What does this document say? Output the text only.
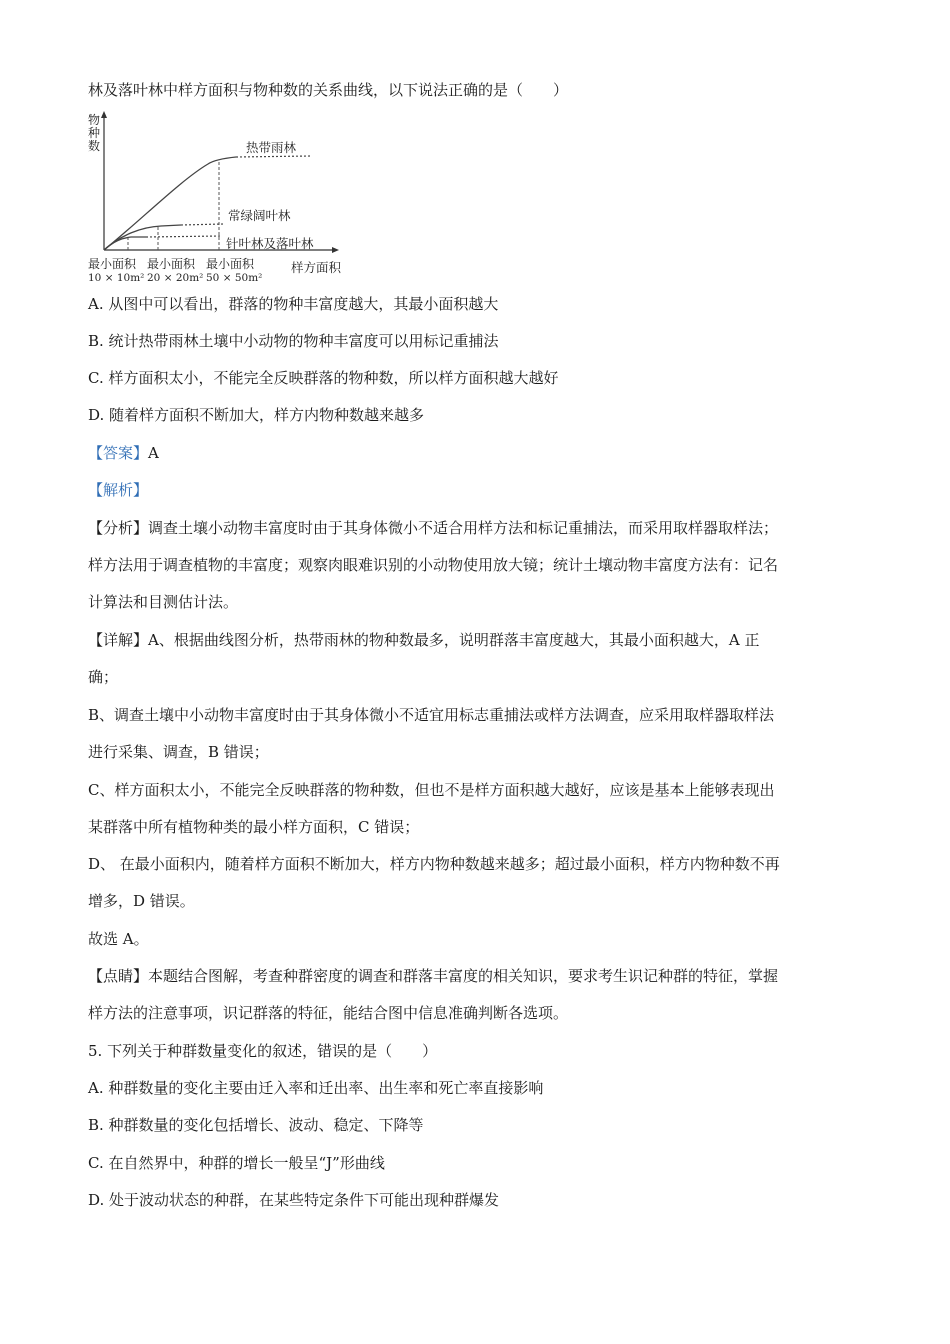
林及落叶林中样方面积与物种数的关系曲线，以下说法正确的是（　　）
物
种
数	热带雨林
常绿阔叶林
针叶林及落叶林
最小面积
10 × 10m²
最小面积
20 × 20m²
最小面积
50 × 50m²
样方面积
A. 从图中可以看出，群落的物种丰富度越大，其最小面积越大
B. 统计热带雨林土壤中小动物的物种丰富度可以用标记重捕法
C. 样方面积太小，不能完全反映群落的物种数，所以样方面积越大越好
D. 随着样方面积不断加大，样方内物种数越来越多
【答案】A
【解析】
【分析】调查土壤小动物丰富度时由于其身体微小不适合用样方法和标记重捕法，而采用取样器取样法；
样方法用于调查植物的丰富度；观察肉眼难识别的小动物使用放大镜；统计土壤动物丰富度方法有：记名
计算法和目测估计法。
【详解】A、根据曲线图分析，热带雨林的物种数最多，说明群落丰富度越大，其最小面积越大，A 正
确；
B、调查土壤中小动物丰富度时由于其身体微小不适宜用标志重捕法或样方法调查，应采用取样器取样法
进行采集、调查，B 错误；
C、样方面积太小，不能完全反映群落的物种数，但也不是样方面积越大越好，应该是基本上能够表现出
某群落中所有植物种类的最小样方面积，C 错误；
D、 在最小面积内，随着样方面积不断加大，样方内物种数越来越多；超过最小面积，样方内物种数不再
增多，D 错误。
故选 A。
【点睛】本题结合图解，考查种群密度的调查和群落丰富度的相关知识，要求考生识记种群的特征，掌握
样方法的注意事项，识记群落的特征，能结合图中信息准确判断各选项。
5. 下列关于种群数量变化的叙述，错误的是（　　）
A. 种群数量的变化主要由迁入率和迁出率、出生率和死亡率直接影响
B. 种群数量的变化包括增长、波动、稳定、下降等
C. 在自然界中，种群的增长一般呈“J”形曲线
D. 处于波动状态的种群，在某些特定条件下可能出现种群爆发
